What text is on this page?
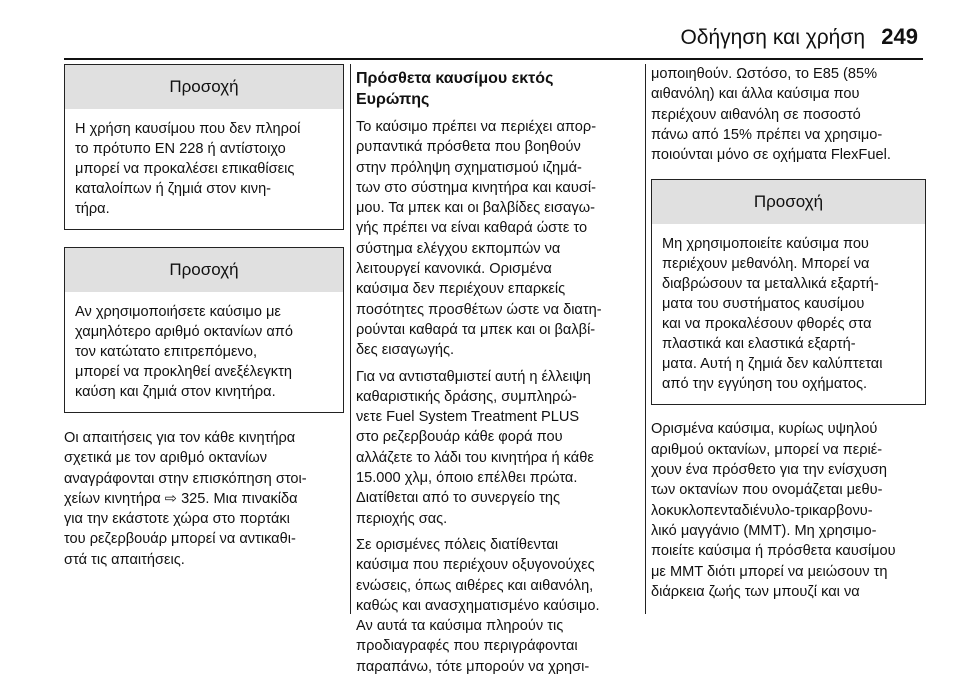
Οδήγηση και χρήση 249
Προσοχή
Η χρήση καυσίμου που δεν πληροί
το πρότυπο EN 228 ή αντίστοιχο
μπορεί να προκαλέσει επικαθίσεις
καταλοίπων ή ζημιά στον κινη-
τήρα.
Προσοχή
Αν χρησιμοποιήσετε καύσιμο με
χαμηλότερο αριθμό οκτανίων από
τον κατώτατο επιτρεπόμενο,
μπορεί να προκληθεί ανεξέλεγκτη
καύση και ζημιά στον κινητήρα.
Οι απαιτήσεις για τον κάθε κινητήρα
σχετικά με τον αριθμό οκτανίων
αναγράφονται στην επισκόπηση στοι-
χείων κινητήρα ⇨ 325. Μια πινακίδα
για την εκάστοτε χώρα στο πορτάκι
του ρεζερβουάρ μπορεί να αντικαθι-
στά τις απαιτήσεις.
Πρόσθετα καυσίμου εκτός
Ευρώπης
Το καύσιμο πρέπει να περιέχει απορ-
ρυπαντικά πρόσθετα που βοηθούν
στην πρόληψη σχηματισμού ιζημά-
των στο σύστημα κινητήρα και καυσί-
μου. Τα μπεκ και οι βαλβίδες εισαγω-
γής πρέπει να είναι καθαρά ώστε το
σύστημα ελέγχου εκπομπών να
λειτουργεί κανονικά. Ορισμένα
καύσιμα δεν περιέχουν επαρκείς
ποσότητες προσθέτων ώστε να διατη-
ρούνται καθαρά τα μπεκ και οι βαλβί-
δες εισαγωγής.
Για να αντισταθμιστεί αυτή η έλλειψη
καθαριστικής δράσης, συμπληρώ-
νετε Fuel System Treatment PLUS
στο ρεζερβουάρ κάθε φορά που
αλλάζετε το λάδι του κινητήρα ή κάθε
15.000 χλμ, όποιο επέλθει πρώτα.
Διατίθεται από το συνεργείο της
περιοχής σας.
Σε ορισμένες πόλεις διατίθενται
καύσιμα που περιέχουν οξυγονούχες
ενώσεις, όπως αιθέρες και αιθανόλη,
καθώς και ανασχηματισμένο καύσιμο.
Αν αυτά τα καύσιμα πληρούν τις
προδιαγραφές που περιγράφονται
παραπάνω, τότε μπορούν να χρησι-
μοποιηθούν. Ωστόσο, το E85 (85%
αιθανόλη) και άλλα καύσιμα που
περιέχουν αιθανόλη σε ποσοστό
πάνω από 15% πρέπει να χρησιμο-
ποιούνται μόνο σε οχήματα FlexFuel.
Προσοχή
Μη χρησιμοποιείτε καύσιμα που
περιέχουν μεθανόλη. Μπορεί να
διαβρώσουν τα μεταλλικά εξαρτή-
ματα του συστήματος καυσίμου
και να προκαλέσουν φθορές στα
πλαστικά και ελαστικά εξαρτή-
ματα. Αυτή η ζημιά δεν καλύπτεται
από την εγγύηση του οχήματος.
Ορισμένα καύσιμα, κυρίως υψηλού
αριθμού οκτανίων, μπορεί να περιέ-
χουν ένα πρόσθετο για την ενίσχυση
των οκτανίων που ονομάζεται μεθυ-
λοκυκλοπενταδιένυλο-τρικαρβονυ-
λικό μαγγάνιο (MMT). Μη χρησιμο-
ποιείτε καύσιμα ή πρόσθετα καυσίμου
με MMT διότι μπορεί να μειώσουν τη
διάρκεια ζωής των μπουζί και να
